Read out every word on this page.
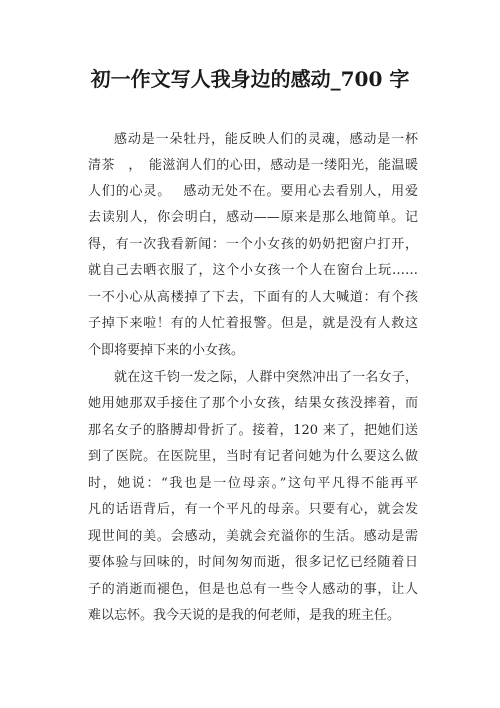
初一作文写人我身边的感动_700 字
感动是一朵牡丹，能反映人们的灵魂，感动是一杯
清茶　，　能滋润人们的心田，感动是一缕阳光，能温暖
人们的心灵。　 感动无处不在。要用心去看别人，用爱
去读别人，你会明白，感动——原来是那么地简单。记
得，有一次我看新闻：一个小女孩的奶奶把窗户打开，
就自己去晒衣服了，这个小女孩一个人在窗台上玩……
一不小心从高楼掉了下去，下面有的人大喊道：有个孩
子掉下来啦！有的人忙着报警。但是，就是没有人救这
个即将要掉下来的小女孩。
就在这千钧一发之际，人群中突然冲出了一名女子，
她用她那双手接住了那个小女孩，结果女孩没摔着，而
那名女子的胳膊却骨折了。接着，120 来了，把她们送
到了医院。在医院里，当时有记者问她为什么要这么做
时，她说：“我也是一位母亲。”这句平凡得不能再平
凡的话语背后，有一个平凡的母亲。只要有心，就会发
现世间的美。会感动，美就会充溢你的生活。感动是需
要体验与回味的，时间匆匆而逝，很多记忆已经随着日
子的消逝而褪色，但是也总有一些令人感动的事，让人
难以忘怀。我今天说的是我的何老师，是我的班主任。
